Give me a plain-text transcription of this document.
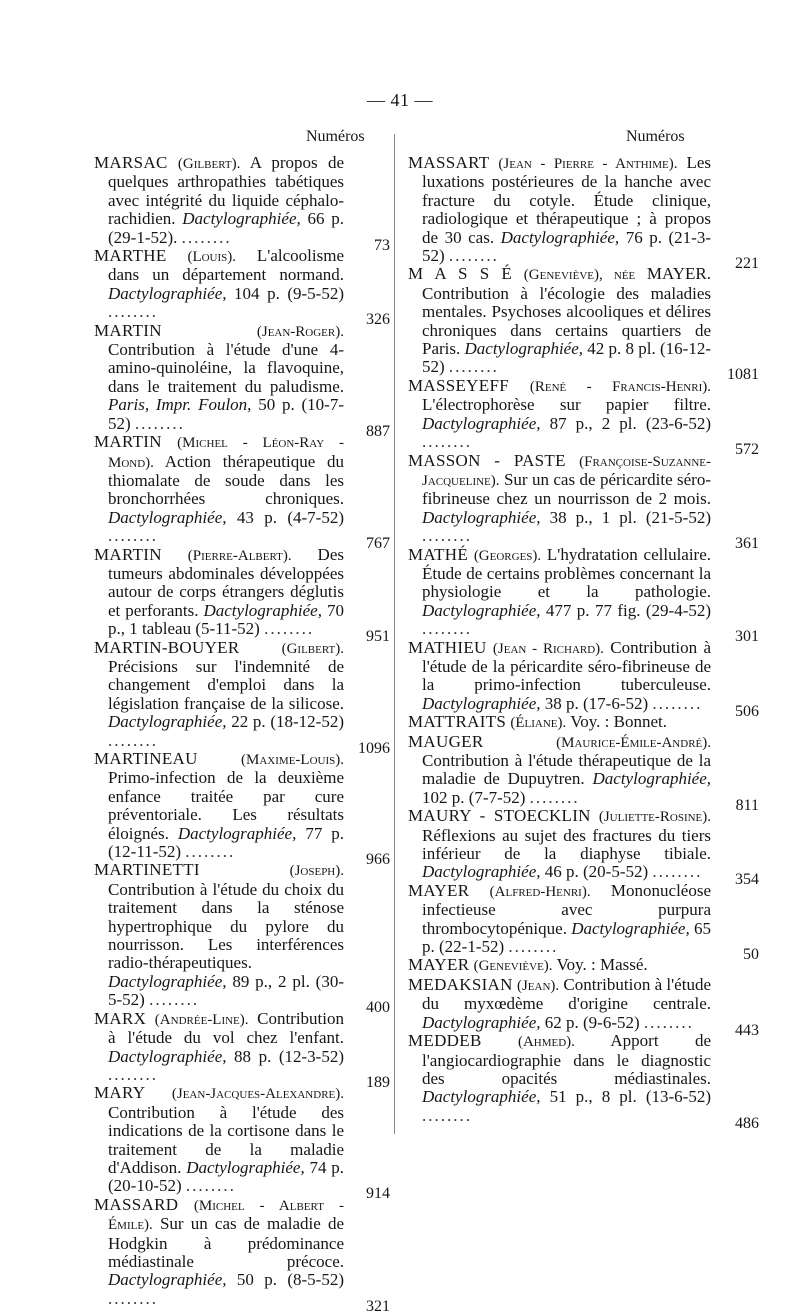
— 41 —
Numéros	Numéros
MARSAC (Gilbert). A propos de quelques arthropathies tabétiques avec intégrité du liquide céphalo-rachidien. Dactylographiée, 66 p. (29-1-52). ........	73
MARTHE (Louis). L'alcoolisme dans un département normand. Dactylographiée, 104 p. (9-5-52) ........	326
MARTIN	(Jean-Roger). Contribution à l'étude d'une 4-amino-quinoléine, la flavoquine, dans le traitement du paludisme. Paris, Impr. Foulon, 50 p. (10-7-52) ........	887
MARTIN (Michel - Léon-Ray - Mond). Action thérapeutique du thiomalate de soude dans les bronchorrhées chroniques. Dactylographiée, 43 p. (4-7-52) ........	767
MARTIN (Pierre-Albert). Des tumeurs abdominales développées autour de corps étrangers déglutis et perforants. Dactylographiée, 70 p., 1 tableau (5-11-52) ........	951
MARTIN-BOUYER	(Gilbert). Précisions sur l'indemnité de changement d'emploi dans la législation française de la silicose. Dactylographiée, 22 p. (18-12-52) ........	1096
MARTINEAU	(Maxime-Louis). Primo-infection de la deuxième enfance traitée par cure préventoriale. Les résultats éloignés. Dactylographiée, 77 p. (12-11-52) ........	966
MARTINETTI	(Joseph). Contribution à l'étude du choix du traitement dans la sténose hypertrophique du pylore du nourrisson. Les interférences radio-thérapeutiques. Dactylographiée, 89 p., 2 pl. (30-5-52) ........	400
MARX (Andrée-Line). Contribution à l'étude du vol chez l'enfant. Dactylographiée, 88 p. (12-3-52) ........	189
MARY (Jean-Jacques-Alexandre). Contribution à l'étude des indications de la cortisone dans le traitement de la maladie d'Addison. Dactylographiée, 74 p. (20-10-52) ........	914
MASSARD (Michel - Albert - Émile). Sur un cas de maladie de Hodgkin à prédominance médiastinale précoce. Dactylographiée, 50 p. (8-5-52) ........	321
MASSART (Jean - Pierre - Anthime). Les luxations postérieures de la hanche avec fracture du cotyle. Étude clinique, radiologique et thérapeutique ; à propos de 30 cas. Dactylographiée, 76 p. (21-3-52) ........	221
M A S S É (Geneviève), née MAYER. Contribution à l'écologie des maladies mentales. Psychoses alcooliques et délires chroniques dans certains quartiers de Paris. Dactylographiée, 42 p. 8 pl. (16-12-52) ........	1081
MASSEYEFF (René - Francis-Henri). L'électrophorèse sur papier filtre. Dactylographiée, 87 p., 2 pl. (23-6-52) ........	572
MASSON - PASTE (Françoise-Suzanne-Jacqueline). Sur un cas de péricardite séro-fibrineuse chez un nourrisson de 2 mois. Dactylographiée, 38 p., 1 pl. (21-5-52) ........	361
MATHÉ (Georges). L'hydratation cellulaire. Étude de certains problèmes concernant la physiologie et la pathologie. Dactylographiée, 477 p. 77 fig. (29-4-52) ........	301
MATHIEU (Jean - Richard). Contribution à l'étude de la péricardite séro-fibrineuse de la primo-infection tuberculeuse. Dactylographiée, 38 p. (17-6-52) ........ 506
MATTRAITS (Éliane). Voy. : Bonnet.
MAUGER	(Maurice-Émile-André). Contribution à l'étude thérapeutique de la maladie de Dupuytren. Dactylographiée, 102 p. (7-7-52) ........	811
MAURY - STOECKLIN (Juliette-Rosine). Réflexions au sujet des fractures du tiers inférieur de la diaphyse tibiale. Dactylographiée, 46 p. (20-5-52) ........ 354
MAYER (Alfred-Henri). Mononucléose infectieuse avec purpura thrombocytopénique. Dactylographiée, 65 p. (22-1-52) ........	50
MAYER (Geneviève). Voy. : Massé.
MEDAKSIAN (Jean). Contribution à l'étude du myxœdème d'origine centrale. Dactylographiée, 62 p. (9-6-52) ........	443
MEDDEB (Ahmed). Apport de l'angiocardiographie dans le diagnostic des opacités médiastinales. Dactylographiée, 51 p., 8 pl. (13-6-52) ........	486
